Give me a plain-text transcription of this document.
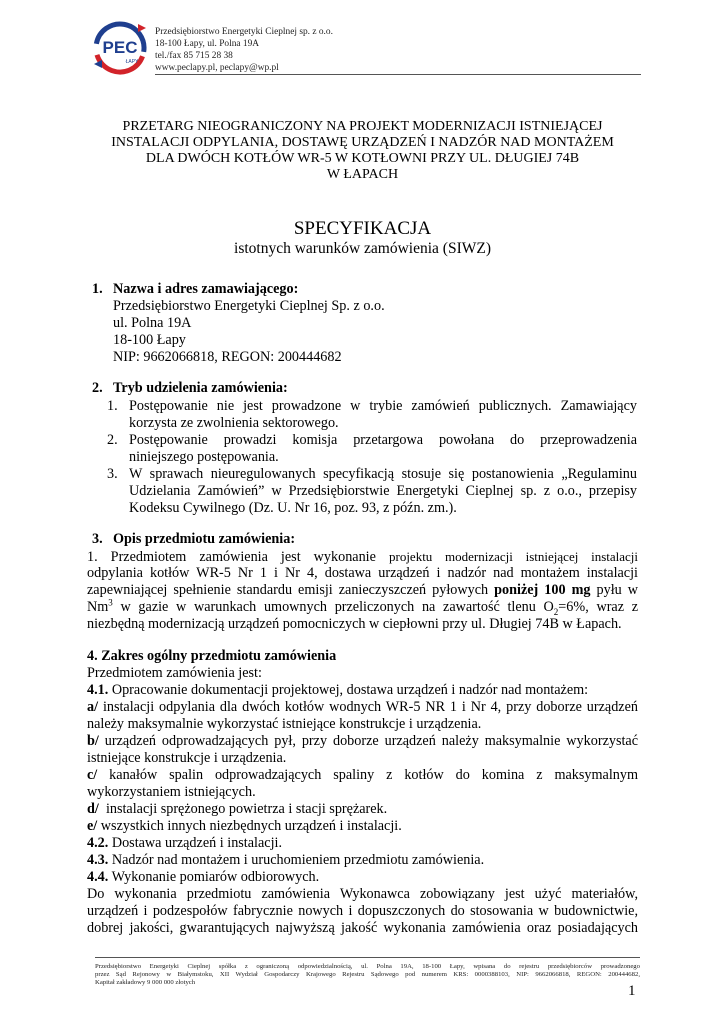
PEC
ŁAPY
Przedsiębiorstwo Energetyki Cieplnej sp. z o.o.
18-100 Łapy, ul. Polna 19A
tel./fax 85 715 28 38
www.peclapy.pl, peclapy@wp.pl
PRZETARG NIEOGRANICZONY NA PROJEKT MODERNIZACJI ISTNIEJĄCEJ
INSTALACJI ODPYLANIA, DOSTAWĘ URZĄDZEŃ I NADZÓR NAD MONTAŻEM
DLA DWÓCH KOTŁÓW WR-5 W KOTŁOWNI PRZY UL. DŁUGIEJ 74B
W ŁAPACH
SPECYFIKACJA
istotnych warunków zamówienia (SIWZ)
1. Nazwa i adres zamawiającego:
Przedsiębiorstwo Energetyki Cieplnej Sp. z o.o.
ul. Polna 19A
18-100 Łapy
NIP: 9662066818, REGON: 200444682
2. Tryb udzielenia zamówienia:
1. Postępowanie nie jest prowadzone w trybie zamówień publicznych. Zamawiający
korzysta ze zwolnienia sektorowego.
2. Postępowanie prowadzi komisja przetargowa powołana do przeprowadzenia
niniejszego postępowania.
3. W sprawach nieuregulowanych specyfikacją stosuje się postanowienia „Regulaminu
Udzielania Zamówień” w Przedsiębiorstwie Energetyki Cieplnej sp. z o.o., przepisy
Kodeksu Cywilnego (Dz. U. Nr 16, poz. 93, z późn. zm.).
3. Opis przedmiotu zamówienia:
1. Przedmiotem zamówienia jest wykonanie projektu modernizacji istniejącej instalacji
odpylania kotłów WR-5 Nr 1 i Nr 4, dostawa urządzeń i nadzór nad montażem instalacji
zapewniającej spełnienie standardu emisji zanieczyszczeń pyłowych poniżej 100 mg pyłu w
Nm$^3$ w gazie w warunkach umownych przeliczonych na zawartość tlenu $O_2=6\%$, wraz z
niezbędną modernizacją urządzeń pomocniczych w ciepłowni przy ul. Długiej 74B w Łapach.
4. Zakres ogólny przedmiotu zamówienia
Przedmiotem zamówienia jest:
4.1. Opracowanie dokumentacji projektowej, dostawa urządzeń i nadzór nad montażem:
a/ instalacji odpylania dla dwóch kotłów wodnych WR-5 NR 1 i Nr 4, przy doborze urządzeń
należy maksymalnie wykorzystać istniejące konstrukcje i urządzenia.
b/ urządzeń odprowadzających pył, przy doborze urządzeń należy maksymalnie wykorzystać
istniejące konstrukcje i urządzenia.
c/ kanałów spalin odprowadzających spaliny z kotłów do komina z maksymalnym
wykorzystaniem istniejących.
d/ instalacji sprężonego powietrza i stacji sprężarek.
e/ wszystkich innych niezbędnych urządzeń i instalacji.
4.2. Dostawa urządzeń i instalacji.
4.3. Nadzór nad montażem i uruchomieniem przedmiotu zamówienia.
4.4. Wykonanie pomiarów odbiorowych.
Do wykonania przedmiotu zamówienia Wykonawca zobowiązany jest użyć materiałów,
urządzeń i podzespołów fabrycznie nowych i dopuszczonych do stosowania w budownictwie,
dobrej jakości, gwarantujących najwyższą jakość wykonania zamówienia oraz posiadających
Przedsiębiorstwo Energetyki Cieplnej spółka z ograniczoną odpowiedzialnością, ul. Polna 19A, 18-100 Łapy, wpisana do rejestru przedsiębiorców prowadzonego
przez Sąd Rejonowy w Białymstoku, XII Wydział Gospodarczy Krajowego Rejestru Sądowego pod numerem KRS: 0000388103, NIP: 9662066818, REGON: 200444682,
Kapitał zakładowy 9 000 000 złotych
1
